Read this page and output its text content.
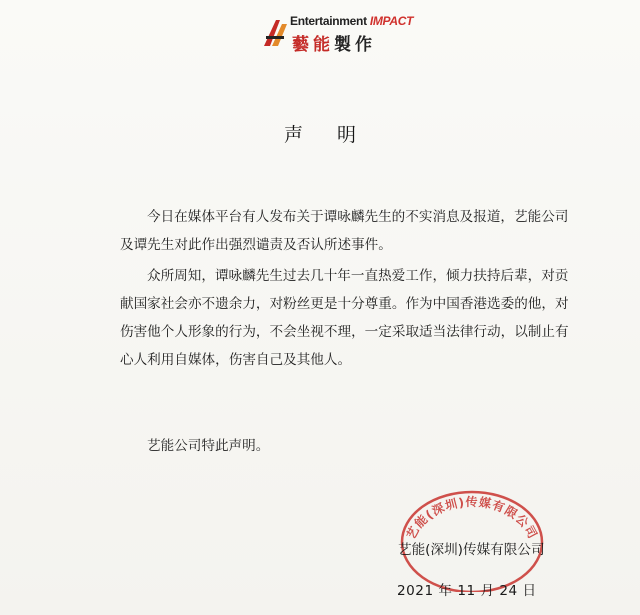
Entertainment IMPACT
藝能製作
声 明

今日在媒体平台有人发布关于谭咏麟先生的不实消息及报道，艺能公司及谭先生对此作出强烈谴责及否认所述事件。

众所周知，谭咏麟先生过去几十年一直热爱工作，倾力扶持后辈，对贡献国家社会亦不遗余力，对粉丝更是十分尊重。作为中国香港选委的他，对伤害他个人形象的行为，不会坐视不理，一定采取适当法律行动，以制止有心人利用自媒体，伤害自己及其他人。

艺能公司特此声明。

艺能(深圳)传媒有限公司
艺能(深圳)传媒有限公司
2021 年 11 月 24 日
